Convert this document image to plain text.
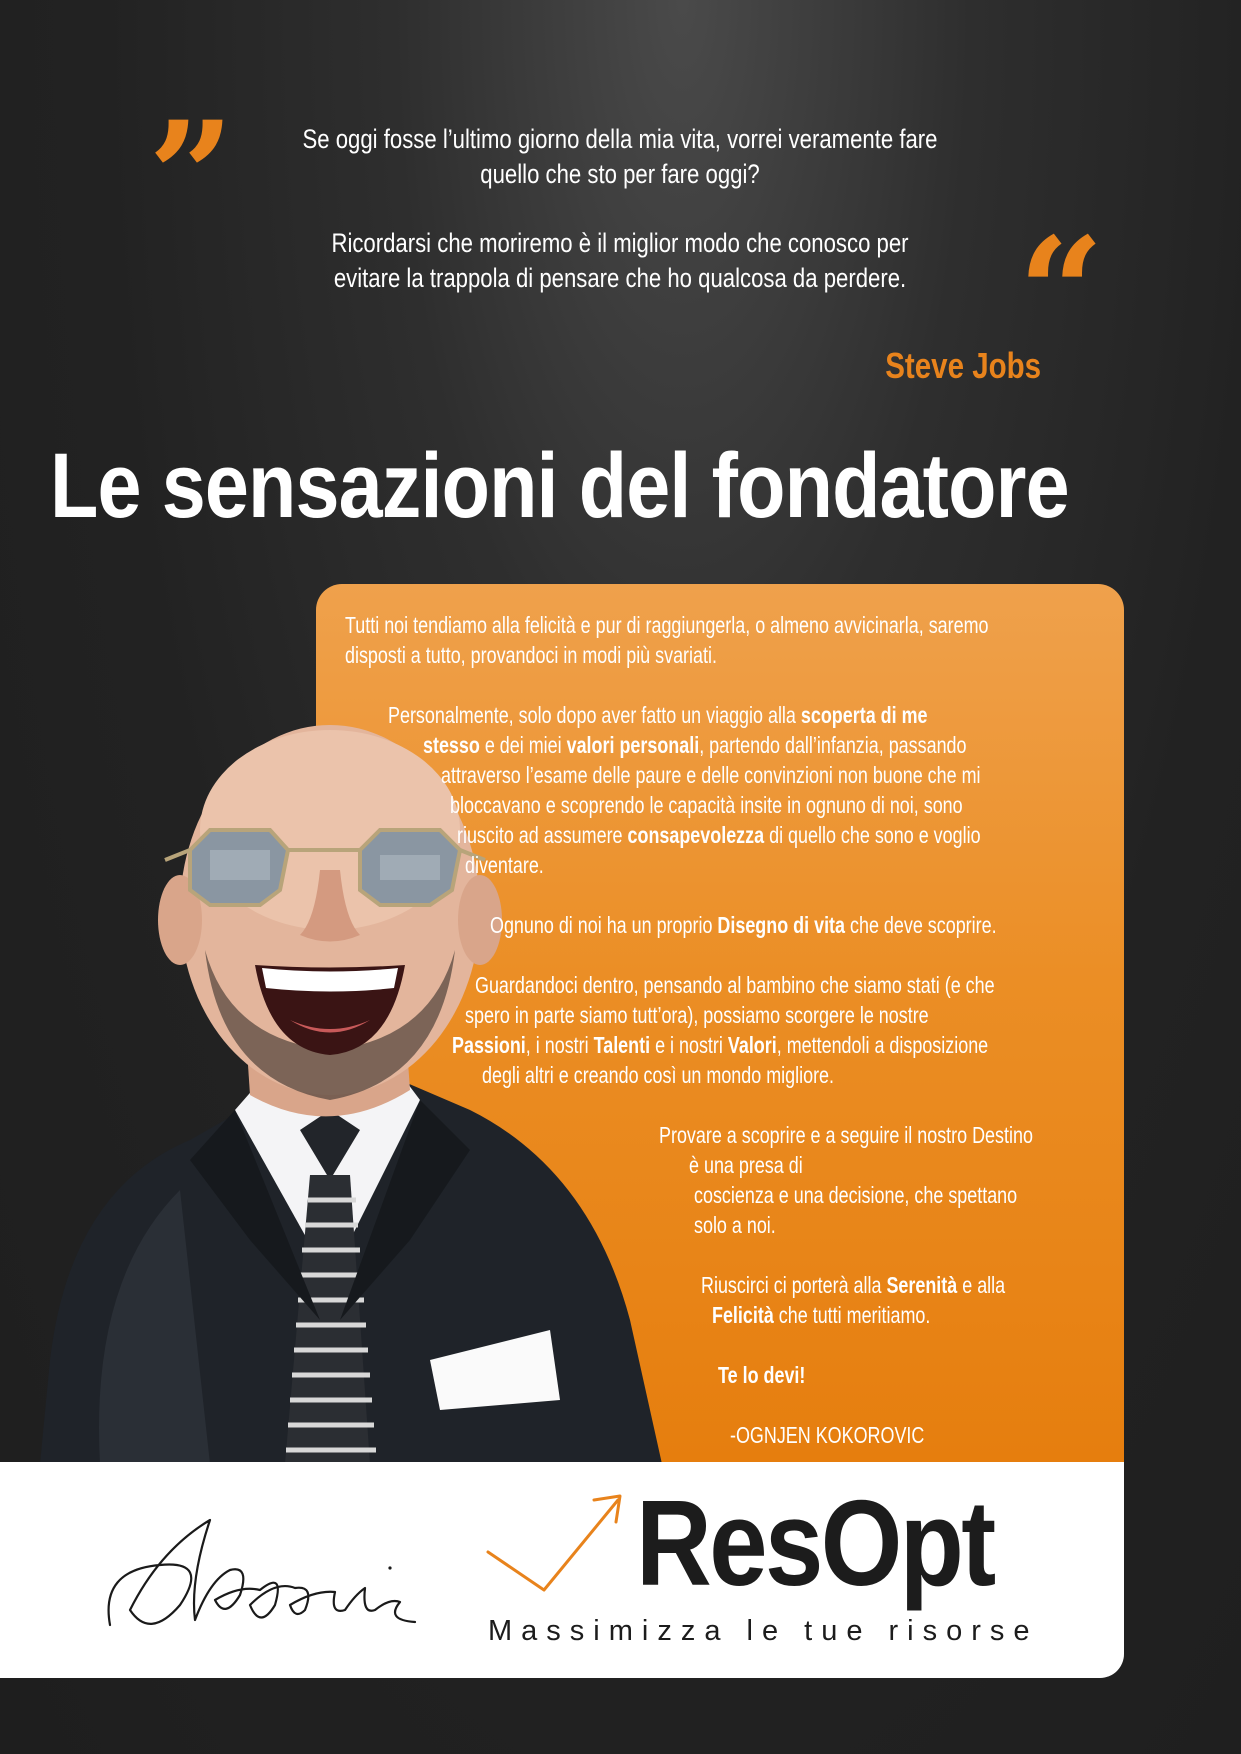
”	Se oggi fosse l’ultimo giorno della mia vita, vorrei veramente fare
quello che sto per fare oggi?
Ricordarsi che moriremo è il miglior modo che conosco per
evitare la trappola di pensare che ho qualcosa da perdere. “
Steve Jobs
Le sensazioni del fondatore
Tutti noi tendiamo alla felicità e pur di raggiungerla, o almeno avvicinarla, saremo
disposti a tutto, provandoci in modi più svariati.
Personalmente, solo dopo aver fatto un viaggio alla scoperta di me
stesso e dei miei valori personali, partendo dall’infanzia, passando
attraverso l’esame delle paure e delle convinzioni non buone che mi
bloccavano e scoprendo le capacità insite in ognuno di noi, sono
riuscito ad assumere consapevolezza di quello che sono e voglio
diventare.
Ognuno di noi ha un proprio Disegno di vita che deve scoprire.
Guardandoci dentro, pensando al bambino che siamo stati (e che
spero in parte siamo tutt’ora), possiamo scorgere le nostre
Passioni, i nostri Talenti e i nostri Valori, mettendoli a disposizione
degli altri e creando così un mondo migliore.
Provare a scoprire e a seguire il nostro Destino
è una presa di
coscienza e una decisione, che spettano
solo a noi.
Riuscirci ci porterà alla Serenità e alla
Felicità che tutti meritiamo.
Te lo devi!
-OGNJEN KOKOROVIC
ResOpt
Massimizza le tue risorse
